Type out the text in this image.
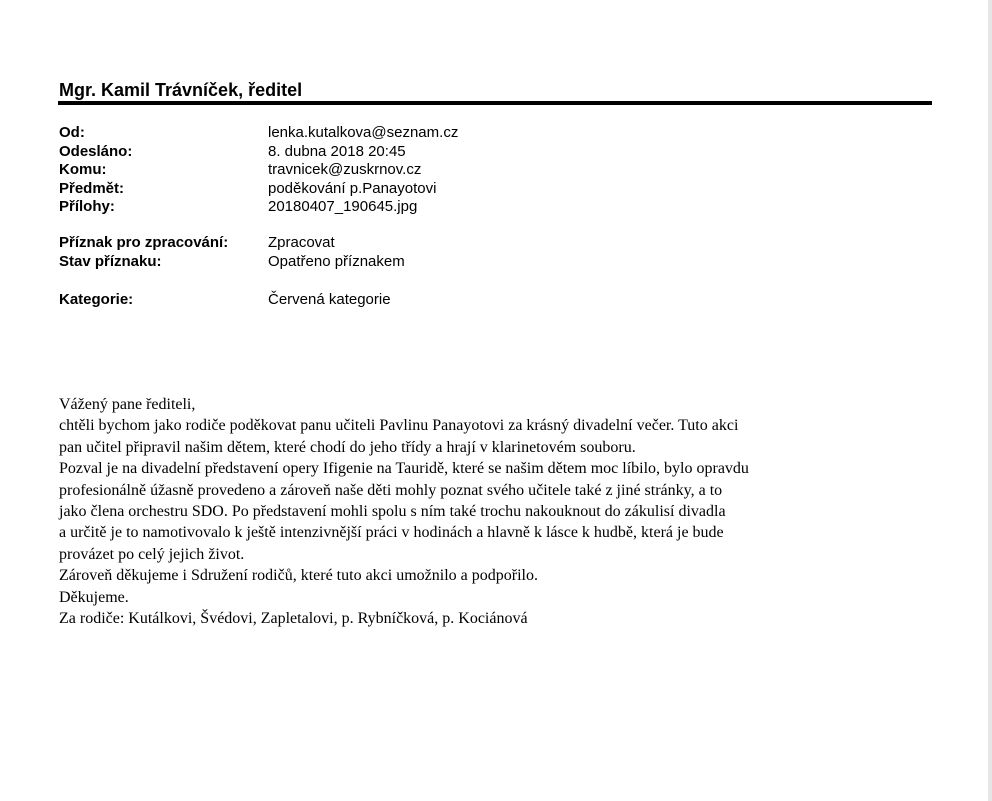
Mgr. Kamil Trávníček, ředitel
Od:	lenka.kutalkova@seznam.cz
Odesláno:	8. dubna 2018 20:45
Komu:	travnicek@zuskrnov.cz
Předmět:	poděkování p.Panayotovi
Přílohy:	20180407_190645.jpg
Příznak pro zpracování:	Zpracovat
Stav příznaku:	Opatřeno příznakem
Kategorie:	Červená kategorie
Vážený pane řediteli,
chtěli bychom jako rodiče poděkovat panu učiteli Pavlinu Panayotovi za krásný divadelní večer. Tuto akci
pan učitel připravil našim dětem, které chodí do jeho třídy a hrají v klarinetovém souboru.
Pozval je na divadelní představení opery Ifigenie na Tauridě, které se našim dětem moc líbilo, bylo opravdu
profesionálně úžasně provedeno a zároveň naše děti mohly poznat svého učitele také z jiné stránky, a to
jako člena orchestru SDO. Po představení mohli spolu s ním také trochu nakouknout do zákulisí divadla
a určitě je to namotivovalo k ještě intenzivnější práci v hodinách a hlavně k lásce k hudbě, která je bude
provázet po celý jejich život.
Zároveň děkujeme i Sdružení rodičů, které tuto akci umožnilo a podpořilo.
Děkujeme.
Za rodiče: Kutálkovi, Švédovi, Zapletalovi, p. Rybníčková, p. Kociánová
